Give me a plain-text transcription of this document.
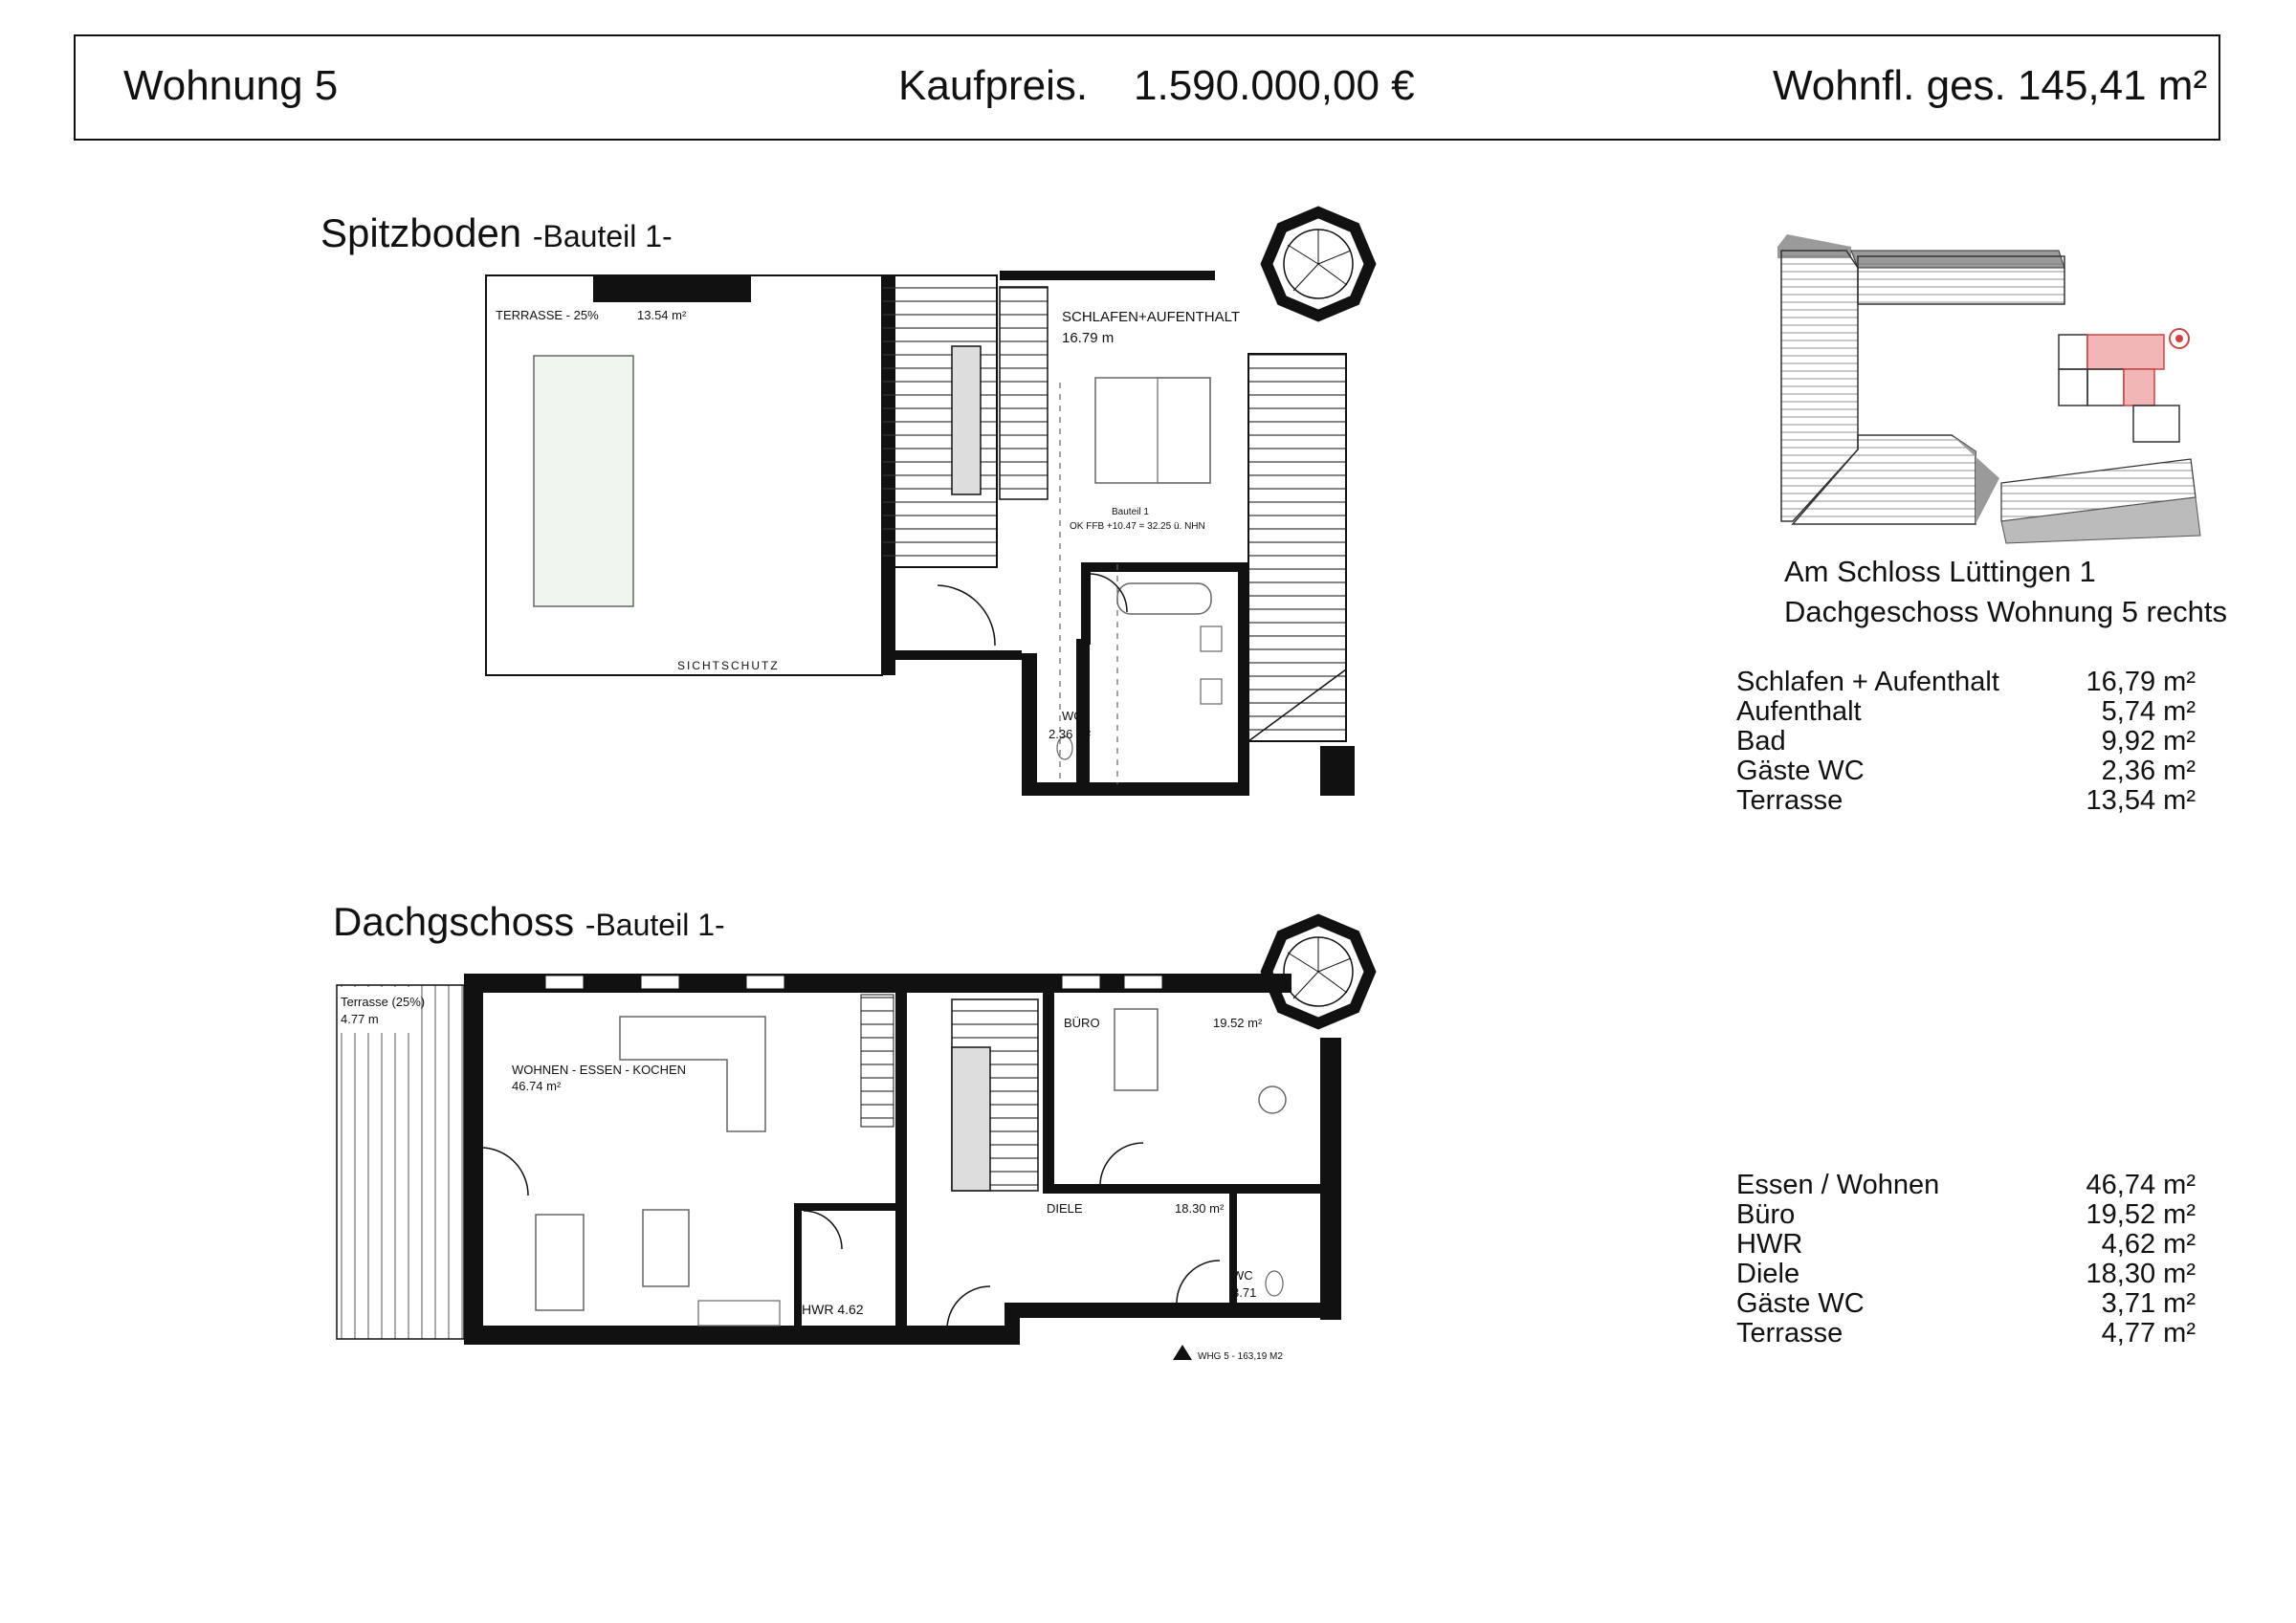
Wohnung 5	Kaufpreis. 1.590.000,00 €	Wohnfl. ges. 145,41 m²
Spitzboden -Bauteil 1-
Dachgschoss -Bauteil 1-
TERRASSE - 25%	13.54 m²
SICHTSCHUTZ
SCHLAFEN+AUFENTHALT
16.79 m
Bauteil 1
OK FFB +10.47 = 32.25 ü. NHN
WC
2.36 m²
Terrasse (25%)
4.77 m
WOHNEN - ESSEN - KOCHEN
46.74 m²
BÜRO	19.52 m²
DIELE	18.30 m²
HWR 4.62
WC
3.71
WHG 5 - 163,19 M2
Am Schloss Lüttingen 1
Dachgeschoss Wohnung 5 rechts
Schlafen + Aufenthalt	16,79 m²
Aufenthalt	5,74 m²
Bad	9,92 m²
Gäste WC	2,36 m²
Terrasse	13,54 m²
Essen / Wohnen	46,74 m²
Büro	19,52 m²
HWR	4,62 m²
Diele	18,30 m²
Gäste WC	3,71 m²
Terrasse	4,77 m²
